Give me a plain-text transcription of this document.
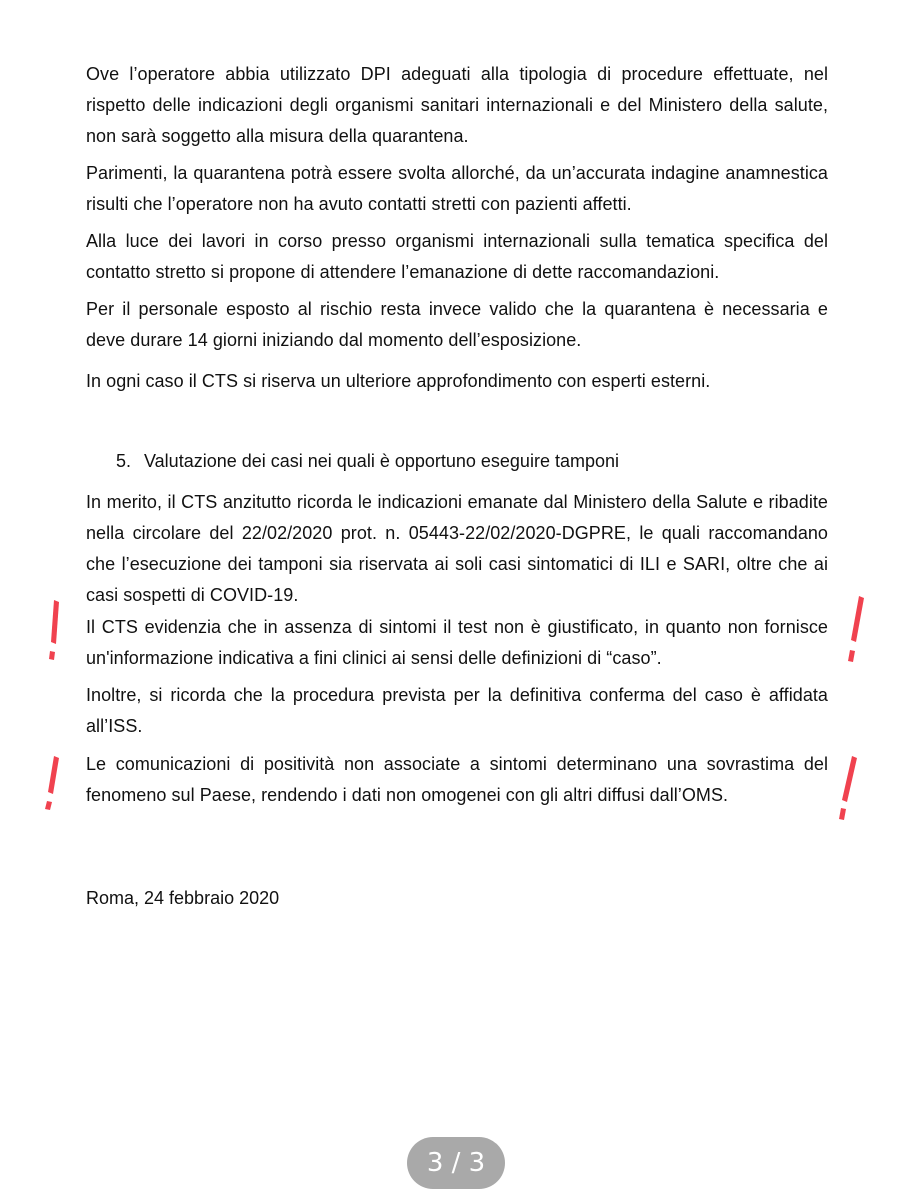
Ove l’operatore abbia utilizzato DPI adeguati alla tipologia di procedure effettuate, nel rispetto delle indicazioni degli organismi sanitari internazionali e del Ministero della salute, non sarà soggetto alla misura della quarantena.

Parimenti, la quarantena potrà essere svolta allorché, da un’accurata indagine anamnestica risulti che l’operatore non ha avuto contatti stretti con pazienti affetti.

Alla luce dei lavori in corso presso organismi internazionali sulla tematica specifica del contatto stretto si propone di attendere l’emanazione di dette raccomandazioni.

Per il personale esposto al rischio resta invece valido che la quarantena è necessaria e deve durare 14 giorni iniziando dal momento dell’esposizione.

In ogni caso il CTS si riserva un ulteriore approfondimento con esperti esterni.

5. Valutazione dei casi nei quali è opportuno eseguire tamponi

In merito, il CTS anzitutto ricorda le indicazioni emanate dal Ministero della Salute e ribadite nella circolare del 22/02/2020 prot. n. 05443-22/02/2020-DGPRE, le quali raccomandano che l’esecuzione dei tamponi sia riservata ai soli casi sintomatici di ILI e SARI, oltre che ai casi sospetti di COVID-19.

Il CTS evidenzia che in assenza di sintomi il test non è giustificato, in quanto non fornisce un'informazione indicativa a fini clinici ai sensi delle definizioni di “caso”.

Inoltre, si ricorda che la procedura prevista per la definitiva conferma del caso è affidata all’ISS.

Le comunicazioni di positività non associate a sintomi determinano una sovrastima del fenomeno sul Paese, rendendo i dati non omogenei con gli altri diffusi dall’OMS.

Roma, 24 febbraio 2020

3 / 3
